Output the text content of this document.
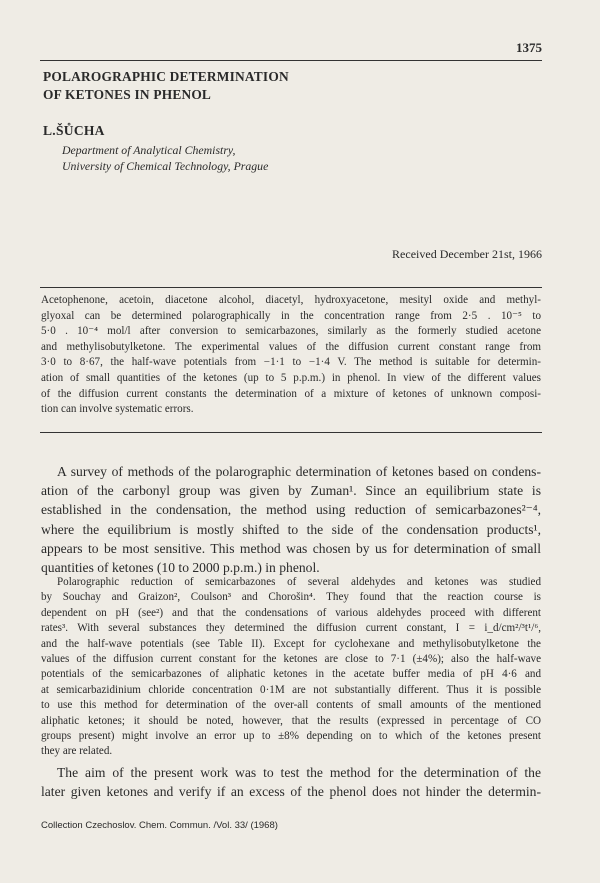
1375
POLAROGRAPHIC DETERMINATION
OF KETONES IN PHENOL
L.ŠŮCHA
Department of Analytical Chemistry,
University of Chemical Technology, Prague
Received December 21st, 1966
Acetophenone, acetoin, diacetone alcohol, diacetyl, hydroxyacetone, mesityl oxide and methyl-
glyoxal can be determined polarographically in the concentration range from 2·5 . 10⁻⁵ to
5·0 . 10⁻⁴ mol/l after conversion to semicarbazones, similarly as the formerly studied acetone
and methylisobutylketone. The experimental values of the diffusion current constant range from
3·0 to 8·67, the half-wave potentials from −1·1 to −1·4 V. The method is suitable for determin-
ation of small quantities of the ketones (up to 5 p.p.m.) in phenol. In view of the different values
of the diffusion current constants the determination of a mixture of ketones of unknown composi-
tion can involve systematic errors.
A survey of methods of the polarographic determination of ketones based on condens-
ation of the carbonyl group was given by Zuman¹. Since an equilibrium state is
established in the condensation, the method using reduction of semicarbazones²⁻⁴,
where the equilibrium is mostly shifted to the side of the condensation products¹,
appears to be most sensitive. This method was chosen by us for determination of small
quantities of ketones (10 to 2000 p.p.m.) in phenol.
Polarographic reduction of semicarbazones of several aldehydes and ketones was studied
by Souchay and Graizon², Coulson³ and Chorošin⁴. They found that the reaction course is
dependent on pH (see²) and that the condensations of various aldehydes proceed with different
rates³. With several substances they determined the diffusion current constant, I = i_d/cm²/³t¹/⁶,
and the half-wave potentials (see Table II). Except for cyclohexane and methylisobutylketone the
values of the diffusion current constant for the ketones are close to 7·1 (±4%); also the half-wave
potentials of the semicarbazones of aliphatic ketones in the acetate buffer media of pH 4·6 and
at semicarbazidinium chloride concentration 0·1M are not substantially different. Thus it is possible
to use this method for determination of the over-all contents of small amounts of the mentioned
aliphatic ketones; it should be noted, however, that the results (expressed in percentage of CO
groups present) might involve an error up to ±8% depending on to which of the ketones present
they are related.
The aim of the present work was to test the method for the determination of the
later given ketones and verify if an excess of the phenol does not hinder the determin-
Collection Czechoslov. Chem. Commun. /Vol. 33/ (1968)
